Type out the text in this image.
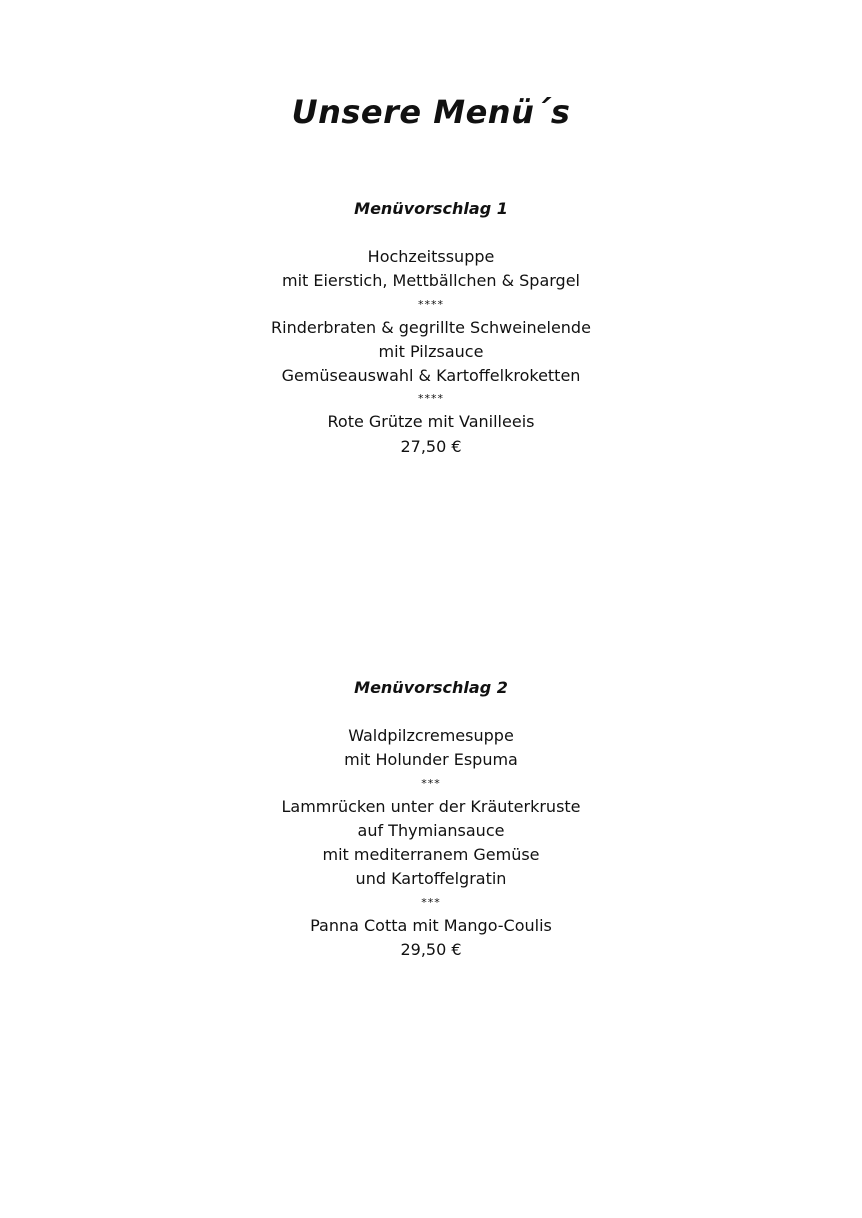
Unsere Menü´s
Menüvorschlag 1
Hochzeitssuppe
mit Eierstich, Mettbällchen & Spargel
****
Rinderbraten & gegrillte Schweinelende
mit Pilzsauce
Gemüseauswahl & Kartoffelkroketten
****
Rote Grütze mit Vanilleeis
27,50 €
Menüvorschlag 2
Waldpilzcremesuppe
mit Holunder Espuma
***
Lammrücken unter der Kräuterkruste
auf Thymiansauce
mit mediterranem Gemüse
und Kartoffelgratin
***
Panna Cotta mit Mango-Coulis
29,50 €
